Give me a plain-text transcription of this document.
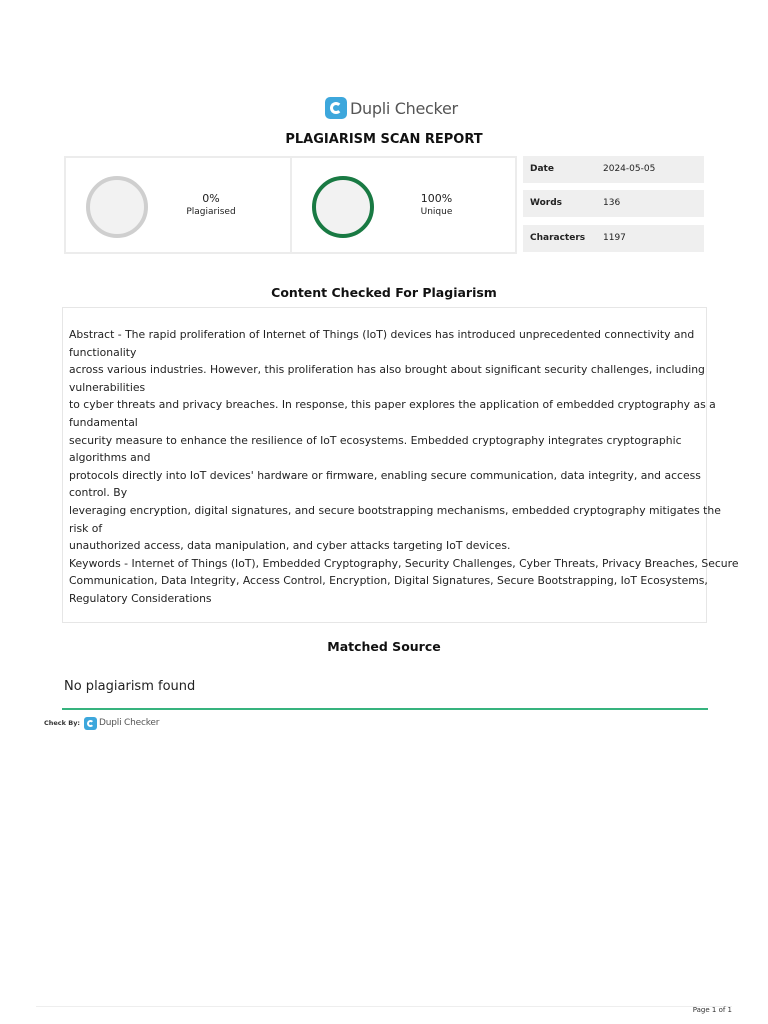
Dupli Checker
PLAGIARISM SCAN REPORT
0%
Plagiarised
100%
Unique
Date	2024-05-05
Words	136
Characters 1197
Content Checked For Plagiarism
Abstract - The rapid proliferation of Internet of Things (IoT) devices has introduced unprecedented connectivity and
functionality
across various industries. However, this proliferation has also brought about significant security challenges, including
vulnerabilities
to cyber threats and privacy breaches. In response, this paper explores the application of embedded cryptography as a
fundamental
security measure to enhance the resilience of IoT ecosystems. Embedded cryptography integrates cryptographic
algorithms and
protocols directly into IoT devices' hardware or firmware, enabling secure communication, data integrity, and access
control. By
leveraging encryption, digital signatures, and secure bootstrapping mechanisms, embedded cryptography mitigates the
risk of
unauthorized access, data manipulation, and cyber attacks targeting IoT devices.
Keywords - Internet of Things (IoT), Embedded Cryptography, Security Challenges, Cyber Threats, Privacy Breaches, Secure
Communication, Data Integrity, Access Control, Encryption, Digital Signatures, Secure Bootstrapping, IoT Ecosystems,
Regulatory Considerations
Matched Source
No plagiarism found
Check By: Dupli Checker
Page 1 of 1
